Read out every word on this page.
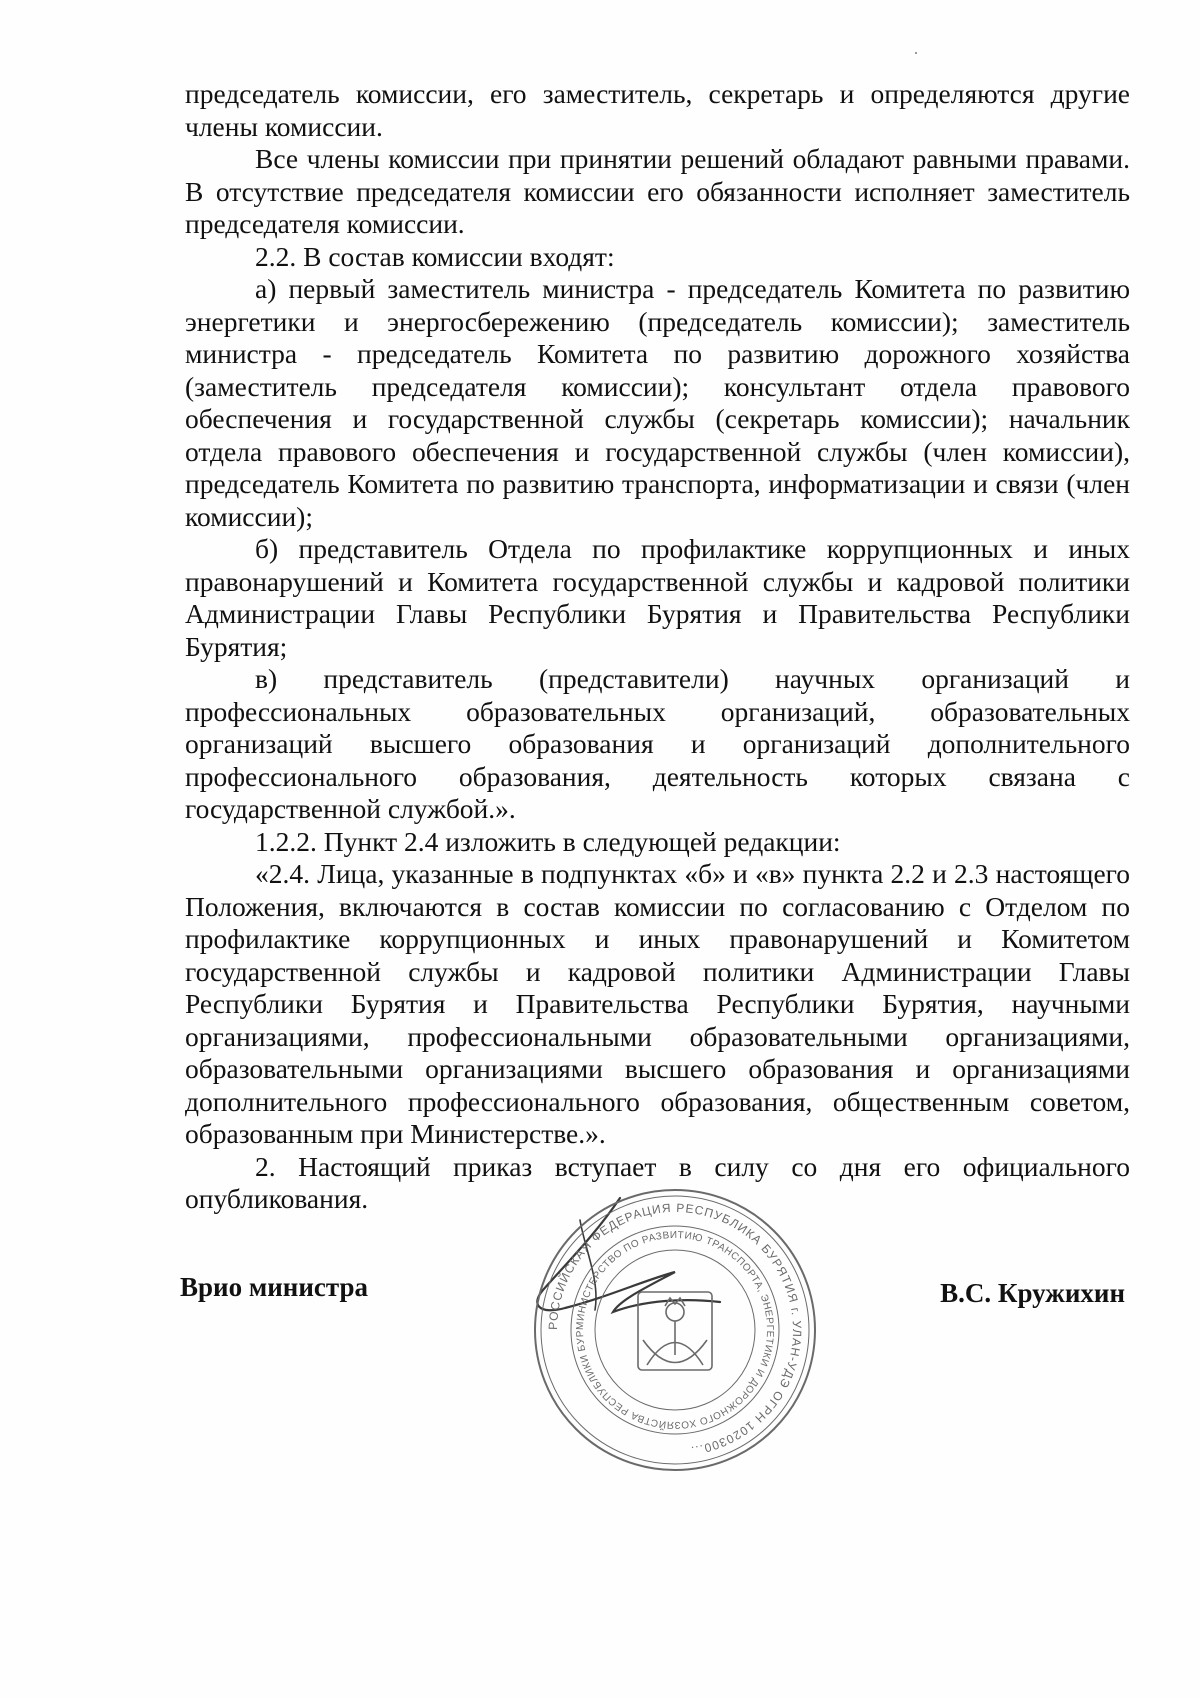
председатель комиссии, его заместитель, секретарь и определяются другие члены комиссии.

Все члены комиссии при принятии решений обладают равными правами. В отсутствие председателя комиссии его обязанности исполняет заместитель председателя комиссии.

2.2. В состав комиссии входят:

а) первый заместитель министра - председатель Комитета по развитию энергетики и энергосбережению (председатель комиссии); заместитель министра - председатель Комитета по развитию дорожного хозяйства (заместитель председателя комиссии); консультант отдела правового обеспечения и государственной службы (секретарь комиссии); начальник отдела правового обеспечения и государственной службы (член комиссии), председатель Комитета по развитию транспорта, информатизации и связи (член комиссии);

б) представитель Отдела по профилактике коррупционных и иных правонарушений и Комитета государственной службы и кадровой политики Администрации Главы Республики Бурятия и Правительства Республики Бурятия;

в) представитель (представители) научных организаций и профессиональных образовательных организаций, образовательных организаций высшего образования и организаций дополнительного профессионального образования, деятельность которых связана с государственной службой.».

1.2.2. Пункт 2.4 изложить в следующей редакции:

«2.4. Лица, указанные в подпунктах «б» и «в» пункта 2.2 и 2.3 настоящего Положения, включаются в состав комиссии по согласованию с Отделом по профилактике коррупционных и иных правонарушений и Комитетом государственной службы и кадровой политики Администрации Главы Республики Бурятия и Правительства Республики Бурятия, научными организациями, профессиональными образовательными организациями, образовательными организациями высшего образования и организациями дополнительного профессионального образования, общественным советом, образованным при Министерстве.».

2. Настоящий приказ вступает в силу со дня его официального опубликования.

Врио министра	В.С. Кружихин
РОССИЙСКАЯ ФЕДЕРАЦИЯ РЕСПУБЛИКА БУРЯТИЯ г. УЛАН-УДЭ ОГРН 1020300...
МИНИСТЕРСТВО ПО РАЗВИТИЮ ТРАНСПОРТА, ЭНЕРГЕТИКИ И ДОРОЖНОГО ХОЗЯЙСТВА РЕСПУБЛИКИ БУР
